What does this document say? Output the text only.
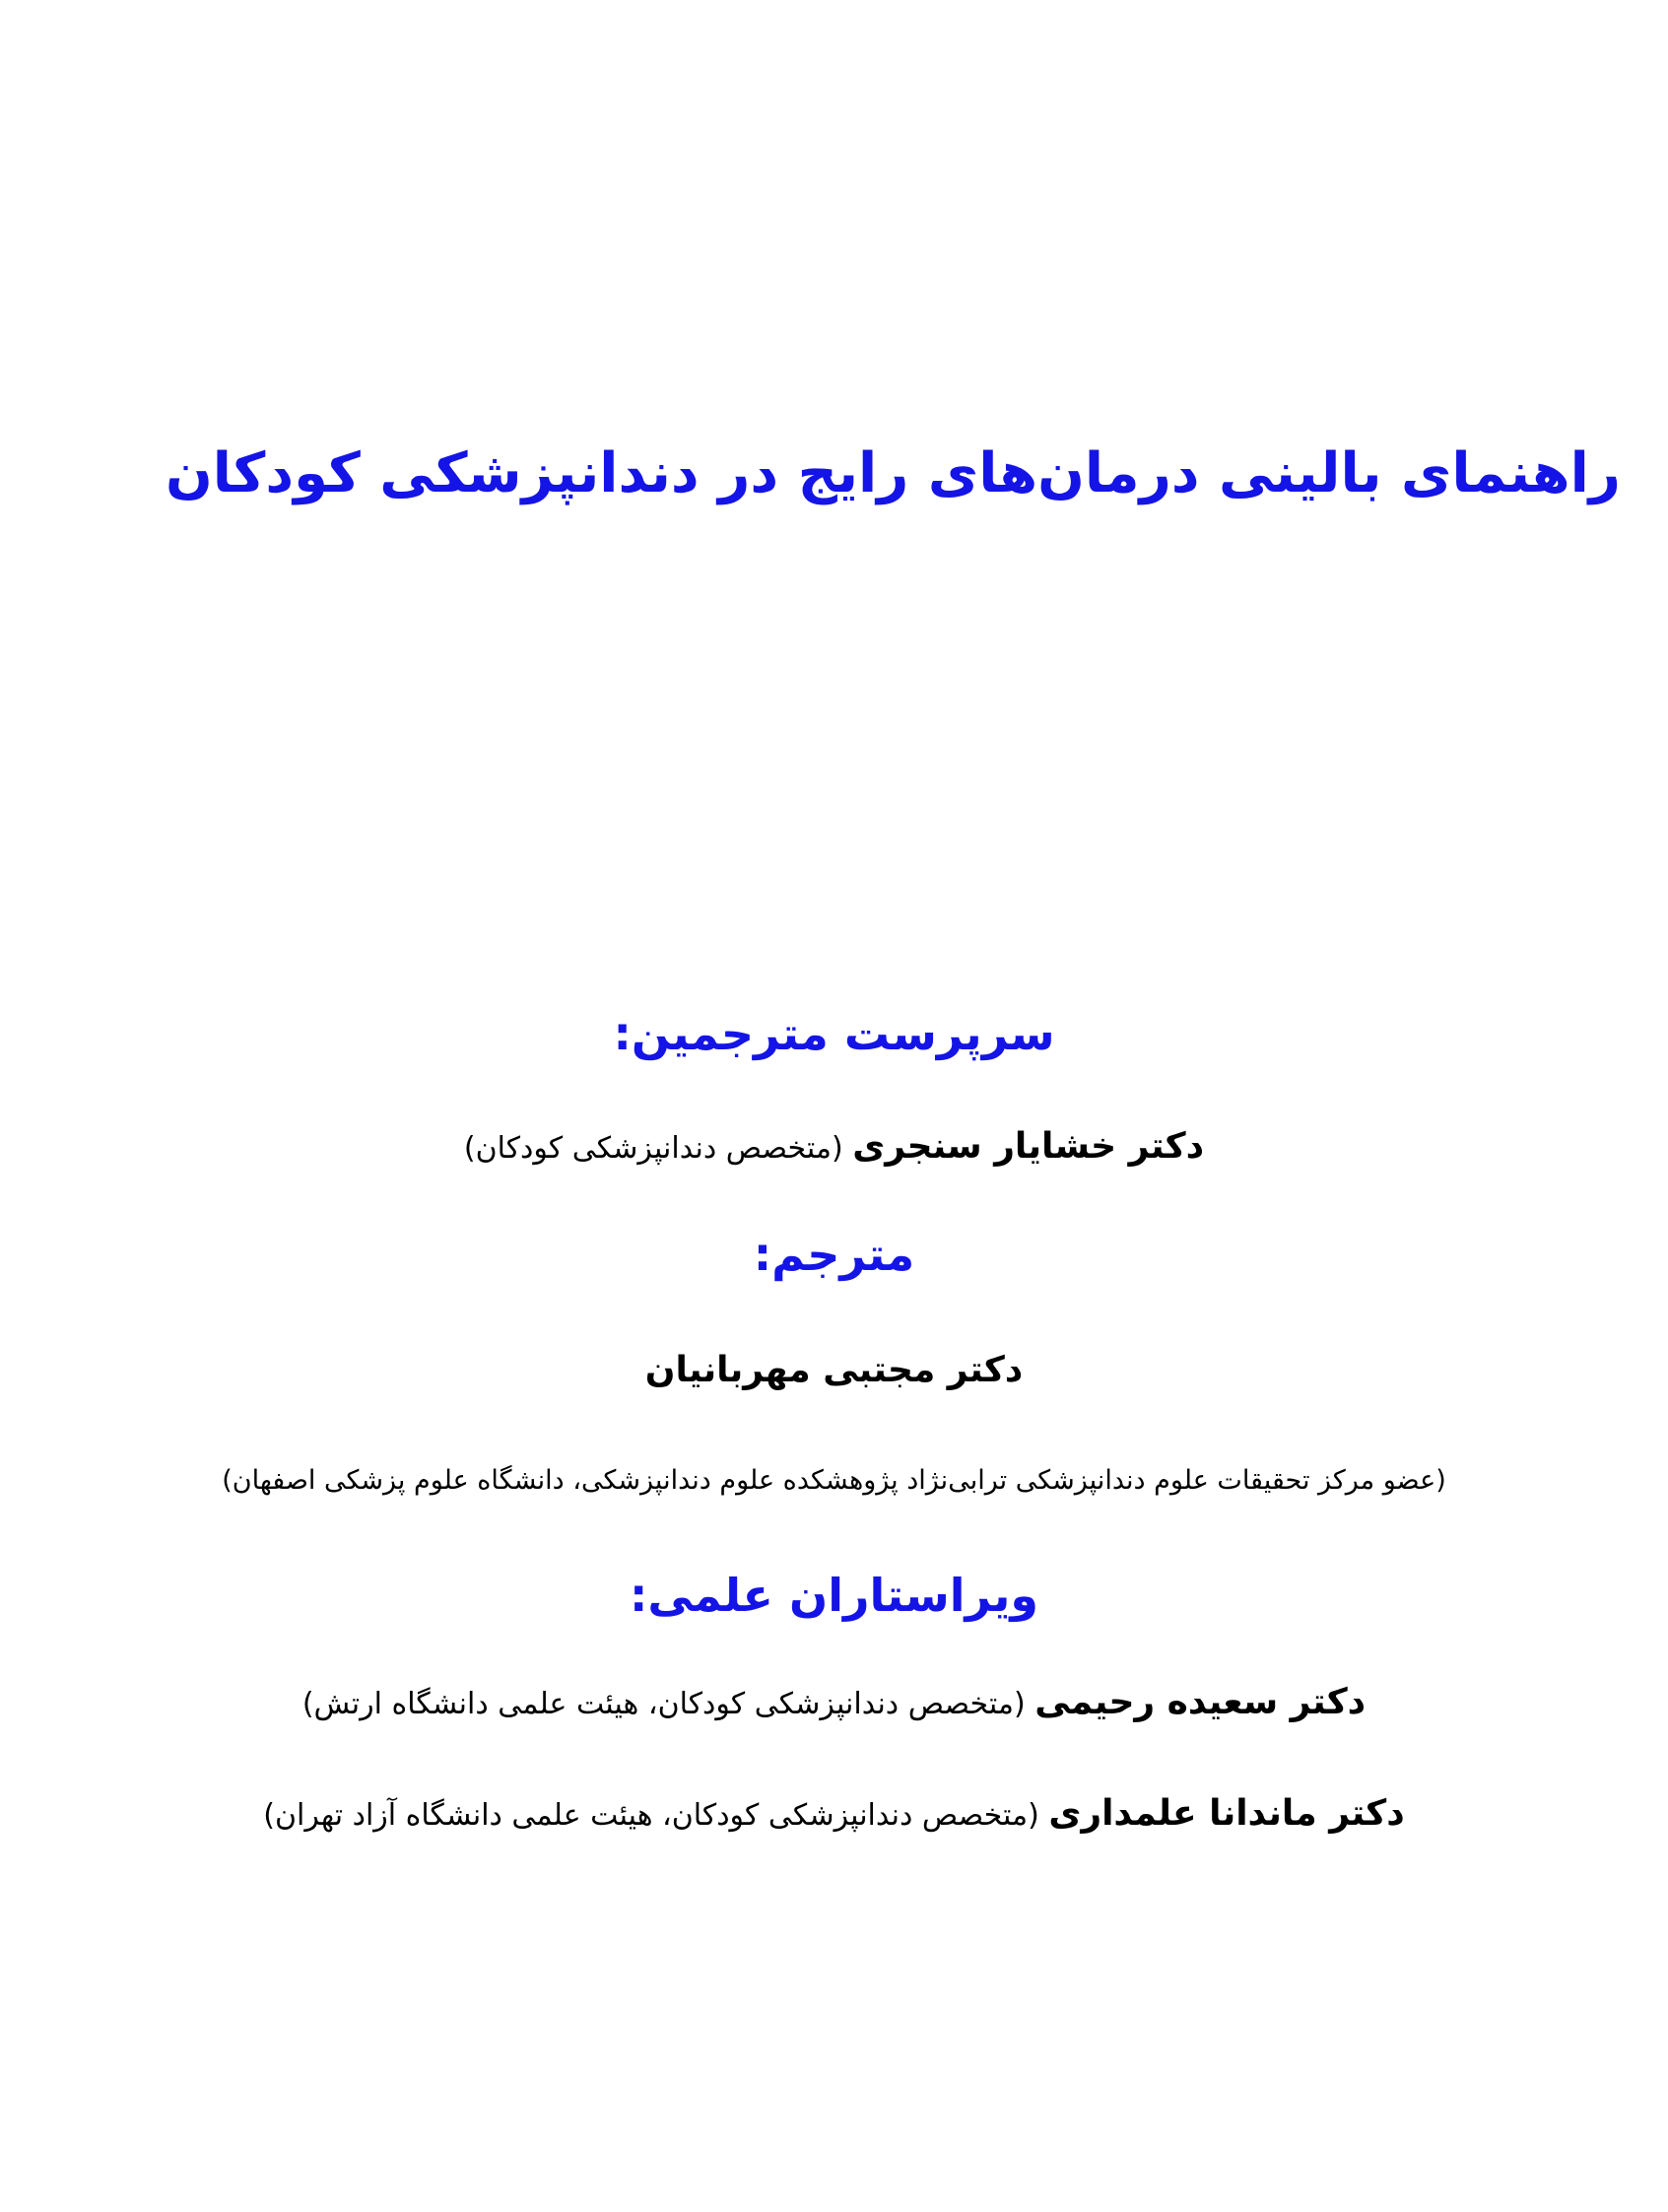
راهنمای بالینی درمان‌های رایج در دندانپزشکی کودکان
سرپرست مترجمین:
دکتر خشایار سنجری (متخصص دندانپزشکی کودکان)
مترجم:
دکتر مجتبی مهربانیان
(عضو مرکز تحقیقات علوم دندانپزشکی ترابی‌نژاد پژوهشکده علوم دندانپزشکی، دانشگاه علوم پزشکی اصفهان)
ویراستاران علمی:
دکتر سعیده رحیمی (متخصص دندانپزشکی کودکان، هیئت علمی دانشگاه ارتش)
دکتر ماندانا علمداری (متخصص دندانپزشکی کودکان، هیئت علمی دانشگاه آزاد تهران)
